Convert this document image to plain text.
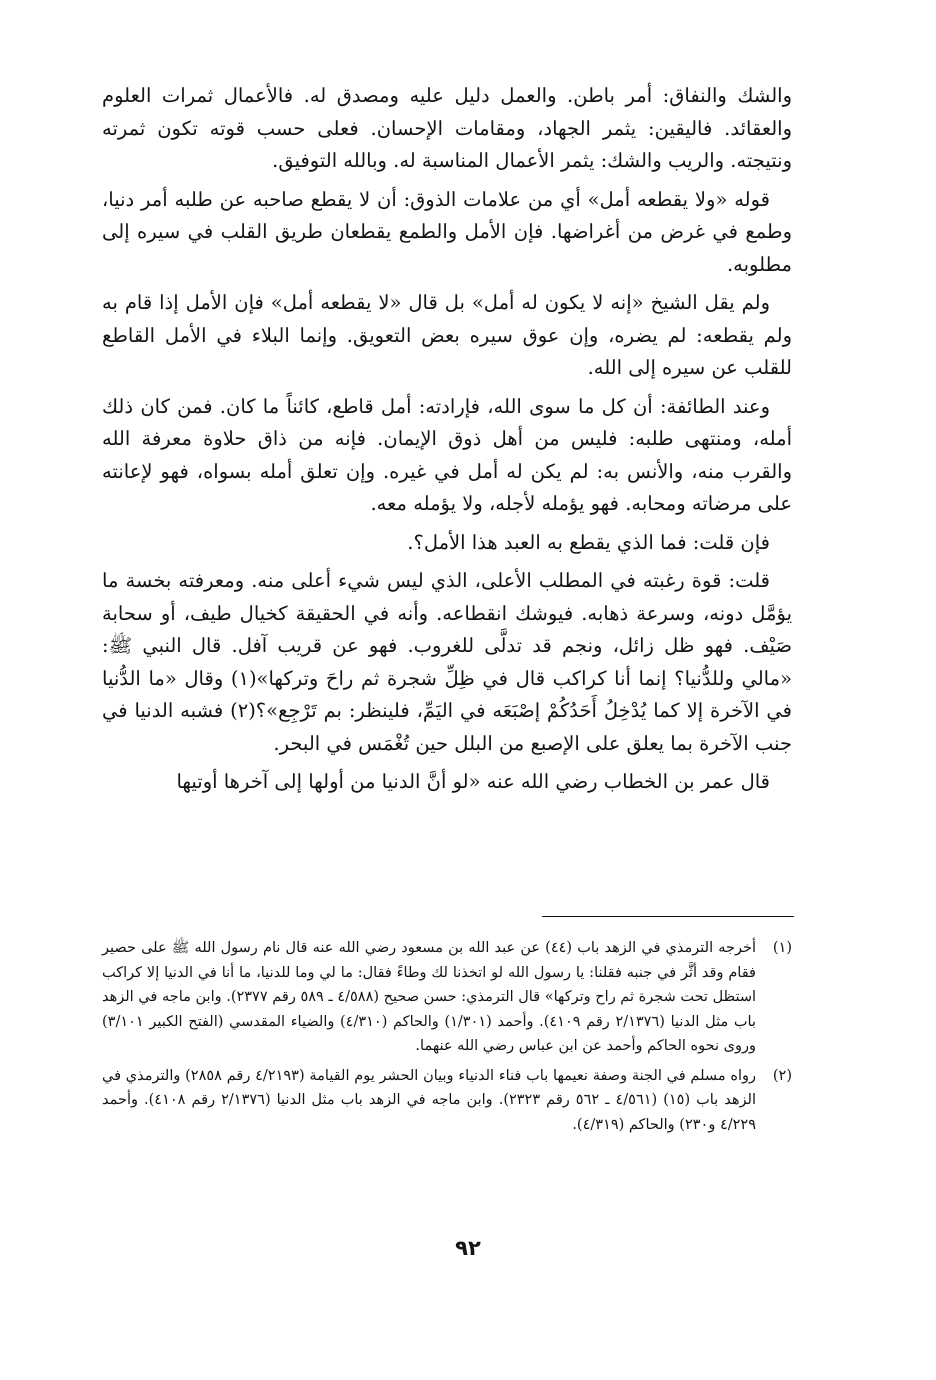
والشك والنفاق: أمر باطن. والعمل دليل عليه ومصدق له. فالأعمال ثمرات العلوم والعقائد. فاليقين: يثمر الجهاد، ومقامات الإحسان. فعلى حسب قوته تكون ثمرته ونتيجته. والريب والشك: يثمر الأعمال المناسبة له. وبالله التوفيق.

قوله «ولا يقطعه أمل» أي من علامات الذوق: أن لا يقطع صاحبه عن طلبه أمر دنيا، وطمع في غرض من أغراضها. فإن الأمل والطمع يقطعان طريق القلب في سيره إلى مطلوبه.

ولم يقل الشيخ «إنه لا يكون له أمل» بل قال «لا يقطعه أمل» فإن الأمل إذا قام به ولم يقطعه: لم يضره، وإن عوق سيره بعض التعويق. وإنما البلاء في الأمل القاطع للقلب عن سيره إلى الله.

وعند الطائفة: أن كل ما سوى الله، فإرادته: أمل قاطع، كائناً ما كان. فمن كان ذلك أمله، ومنتهى طلبه: فليس من أهل ذوق الإيمان. فإنه من ذاق حلاوة معرفة الله والقرب منه، والأنس به: لم يكن له أمل في غيره. وإن تعلق أمله بسواه، فهو لإعانته على مرضاته ومحابه. فهو يؤمله لأجله، ولا يؤمله معه.

فإن قلت: فما الذي يقطع به العبد هذا الأمل؟.

قلت: قوة رغبته في المطلب الأعلى، الذي ليس شيء أعلى منه. ومعرفته بخسة ما يؤمَّل دونه، وسرعة ذهابه. فيوشك انقطاعه. وأنه في الحقيقة كخيال طيف، أو سحابة صَيْف. فهو ظل زائل، ونجم قد تدلَّى للغروب. فهو عن قريب آفل. قال النبي ﷺ: «مالي وللدُّنيا؟ إنما أنا كراكب قال في ظِلِّ شجرة ثم راحَ وتركها»(١) وقال «ما الدُّنيا في الآخرة إلا كما يُدْخِلُ أَحَدُكُمْ إصْبَعَه في اليَمِّ، فلينظر: بم تَرْجِع»؟(٢) فشبه الدنيا في جنب الآخرة بما يعلق على الإصبع من البلل حين تُغْمَس في البحر.

قال عمر بن الخطاب رضي الله عنه «لو أنَّ الدنيا من أولها إلى آخرها أوتيها

(١)
أخرجه الترمذي في الزهد باب (٤٤) عن عبد الله بن مسعود رضي الله عنه قال نام رسول الله ﷺ على حصير فقام وقد أثَّر في جنبه فقلنا: يا رسول الله لو اتخذنا لك وطاءً فقال: ما لي وما للدنيا، ما أنا في الدنيا إلا كراكب استظل تحت شجرة ثم راح وتركها» قال الترمذي: حسن صحيح (٤/٥٨٨ ـ ٥٨٩ رقم ٢٣٧٧). وابن ماجه في الزهد باب مثل الدنيا (٢/١٣٧٦ رقم ٤١٠٩). وأحمد (١/٣٠١) والحاكم (٤/٣١٠) والضياء المقدسي (الفتح الكبير ٣/١٠١) وروى نحوه الحاكم وأحمد عن ابن عباس رضي الله عنهما.
(٢)
رواه مسلم في الجنة وصفة نعيمها باب فناء الدنياء وبيان الحشر يوم القيامة (٤/٢١٩٣ رقم ٢٨٥٨) والترمذي في الزهد باب (١٥) (٤/٥٦١ ـ ٥٦٢ رقم ٢٣٢٣). وابن ماجه في الزهد باب مثل الدنيا (٢/١٣٧٦ رقم ٤١٠٨). وأحمد ٤/٢٢٩ و٢٣٠) والحاكم (٤/٣١٩).
٩٢
